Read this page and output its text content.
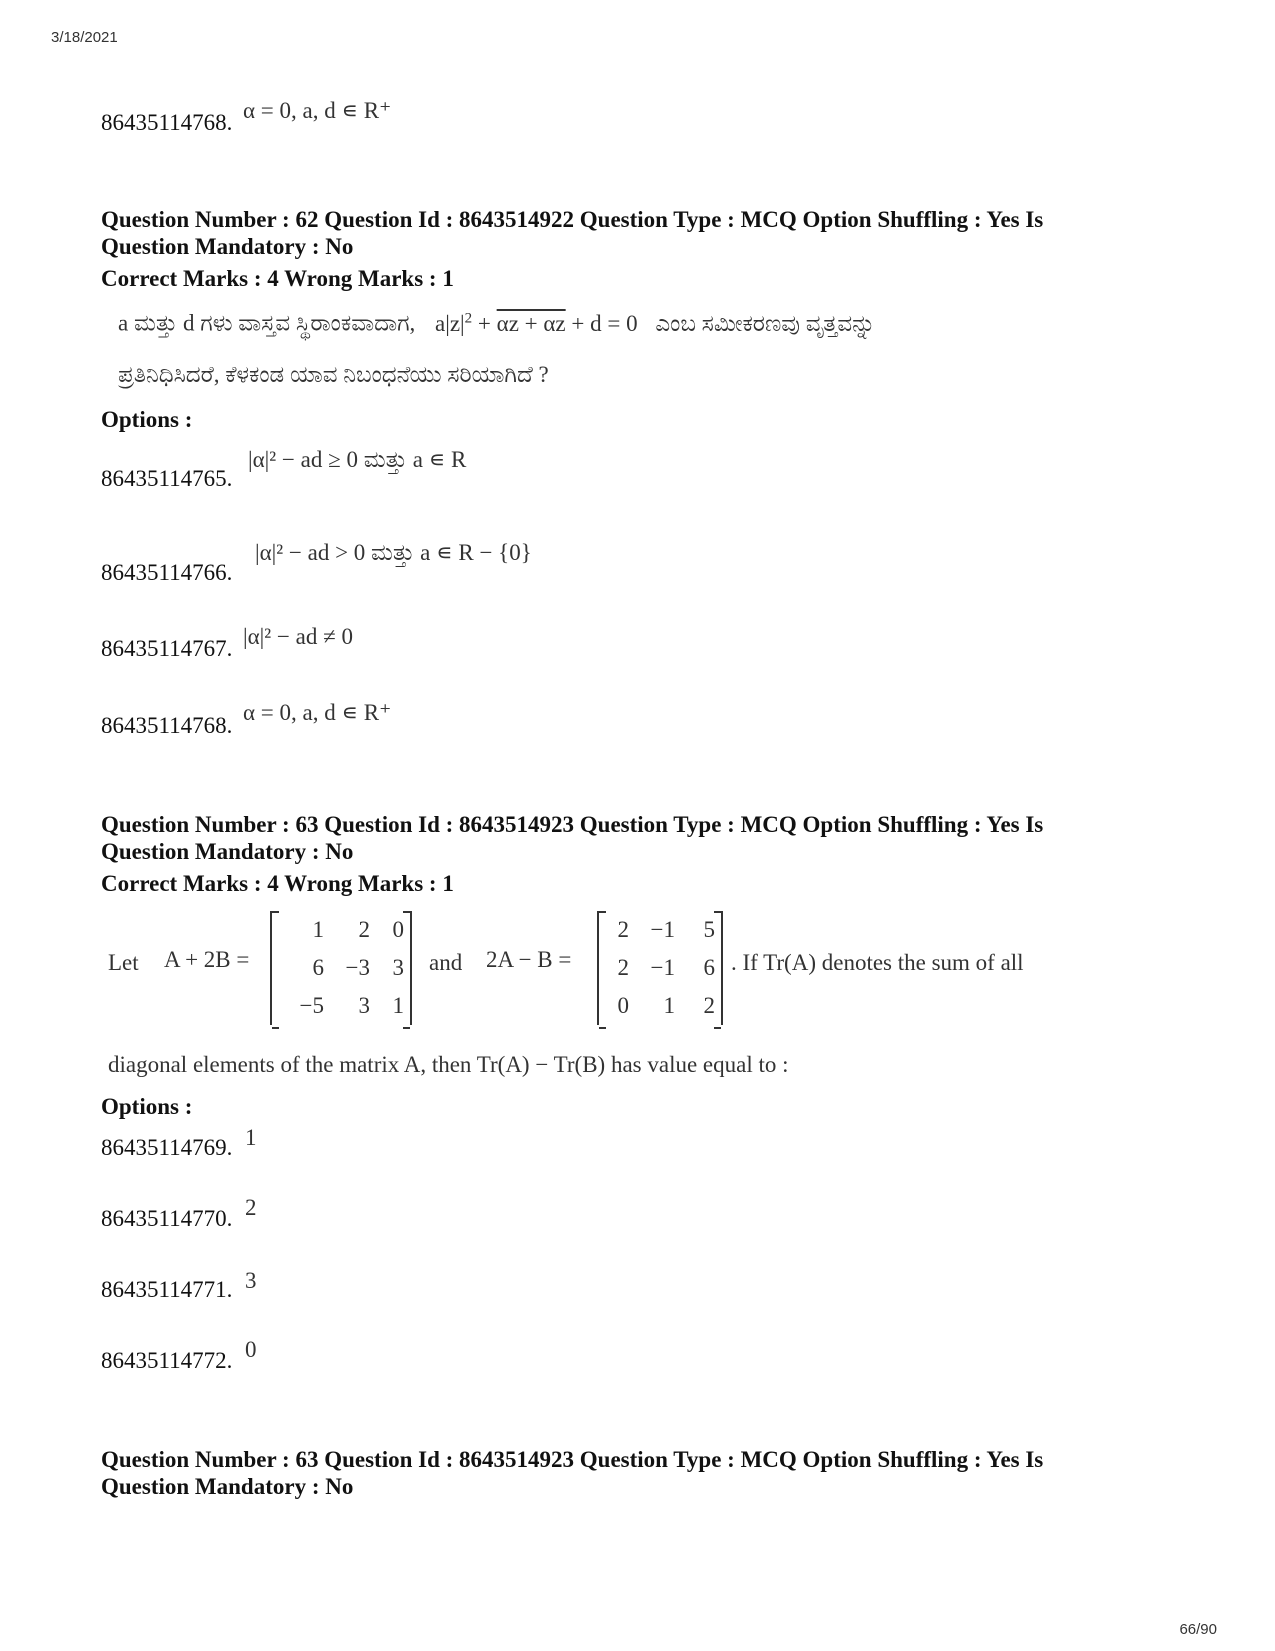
3/18/2021
86435114768. α = 0, a, d ∊ R⁺
Question Number : 62 Question Id : 8643514922 Question Type : MCQ Option Shuffling : Yes Is
Question Mandatory : No
Correct Marks : 4 Wrong Marks : 1
a ಮತ್ತು d ಗಳು ವಾಸ್ತವ ಸ್ಥಿರಾಂಕವಾದಾಗ, $a|z|^2 + \alpha z + \alpha z + d = 0$ ಎಂಬ ಸಮೀಕರಣವು ವೃತ್ತವನ್ನು
ಪ್ರತಿನಿಧಿಸಿದರೆ, ಕೆಳಕಂಡ ಯಾವ ನಿಬಂಧನೆಯು ಸರಿಯಾಗಿದೆ ?
Options :
86435114765.
|α|² − ad ≥ 0 ಮತ್ತು a ∊ R
86435114766.
|α|² − ad > 0 ಮತ್ತು a ∊ R − {0}
86435114767. |α|² − ad ≠ 0
86435114768.
α = 0, a, d ∊ R⁺
Question Number : 63 Question Id : 8643514923 Question Type : MCQ Option Shuffling : Yes Is
Question Mandatory : No
Correct Marks : 4 Wrong Marks : 1
Let A + 2B =
1	2 0
6 −3 3
−5	3 1
and 2A − B =
2 −1	5
2 −1	6
0	1	2
. If Tr(A) denotes the sum of all
diagonal elements of the matrix A, then Tr(A) − Tr(B) has value equal to :
Options :
86435114769. 1
86435114770. 2
86435114771. 3
86435114772. 0
Question Number : 63 Question Id : 8643514923 Question Type : MCQ Option Shuffling : Yes Is
Question Mandatory : No
66/90
